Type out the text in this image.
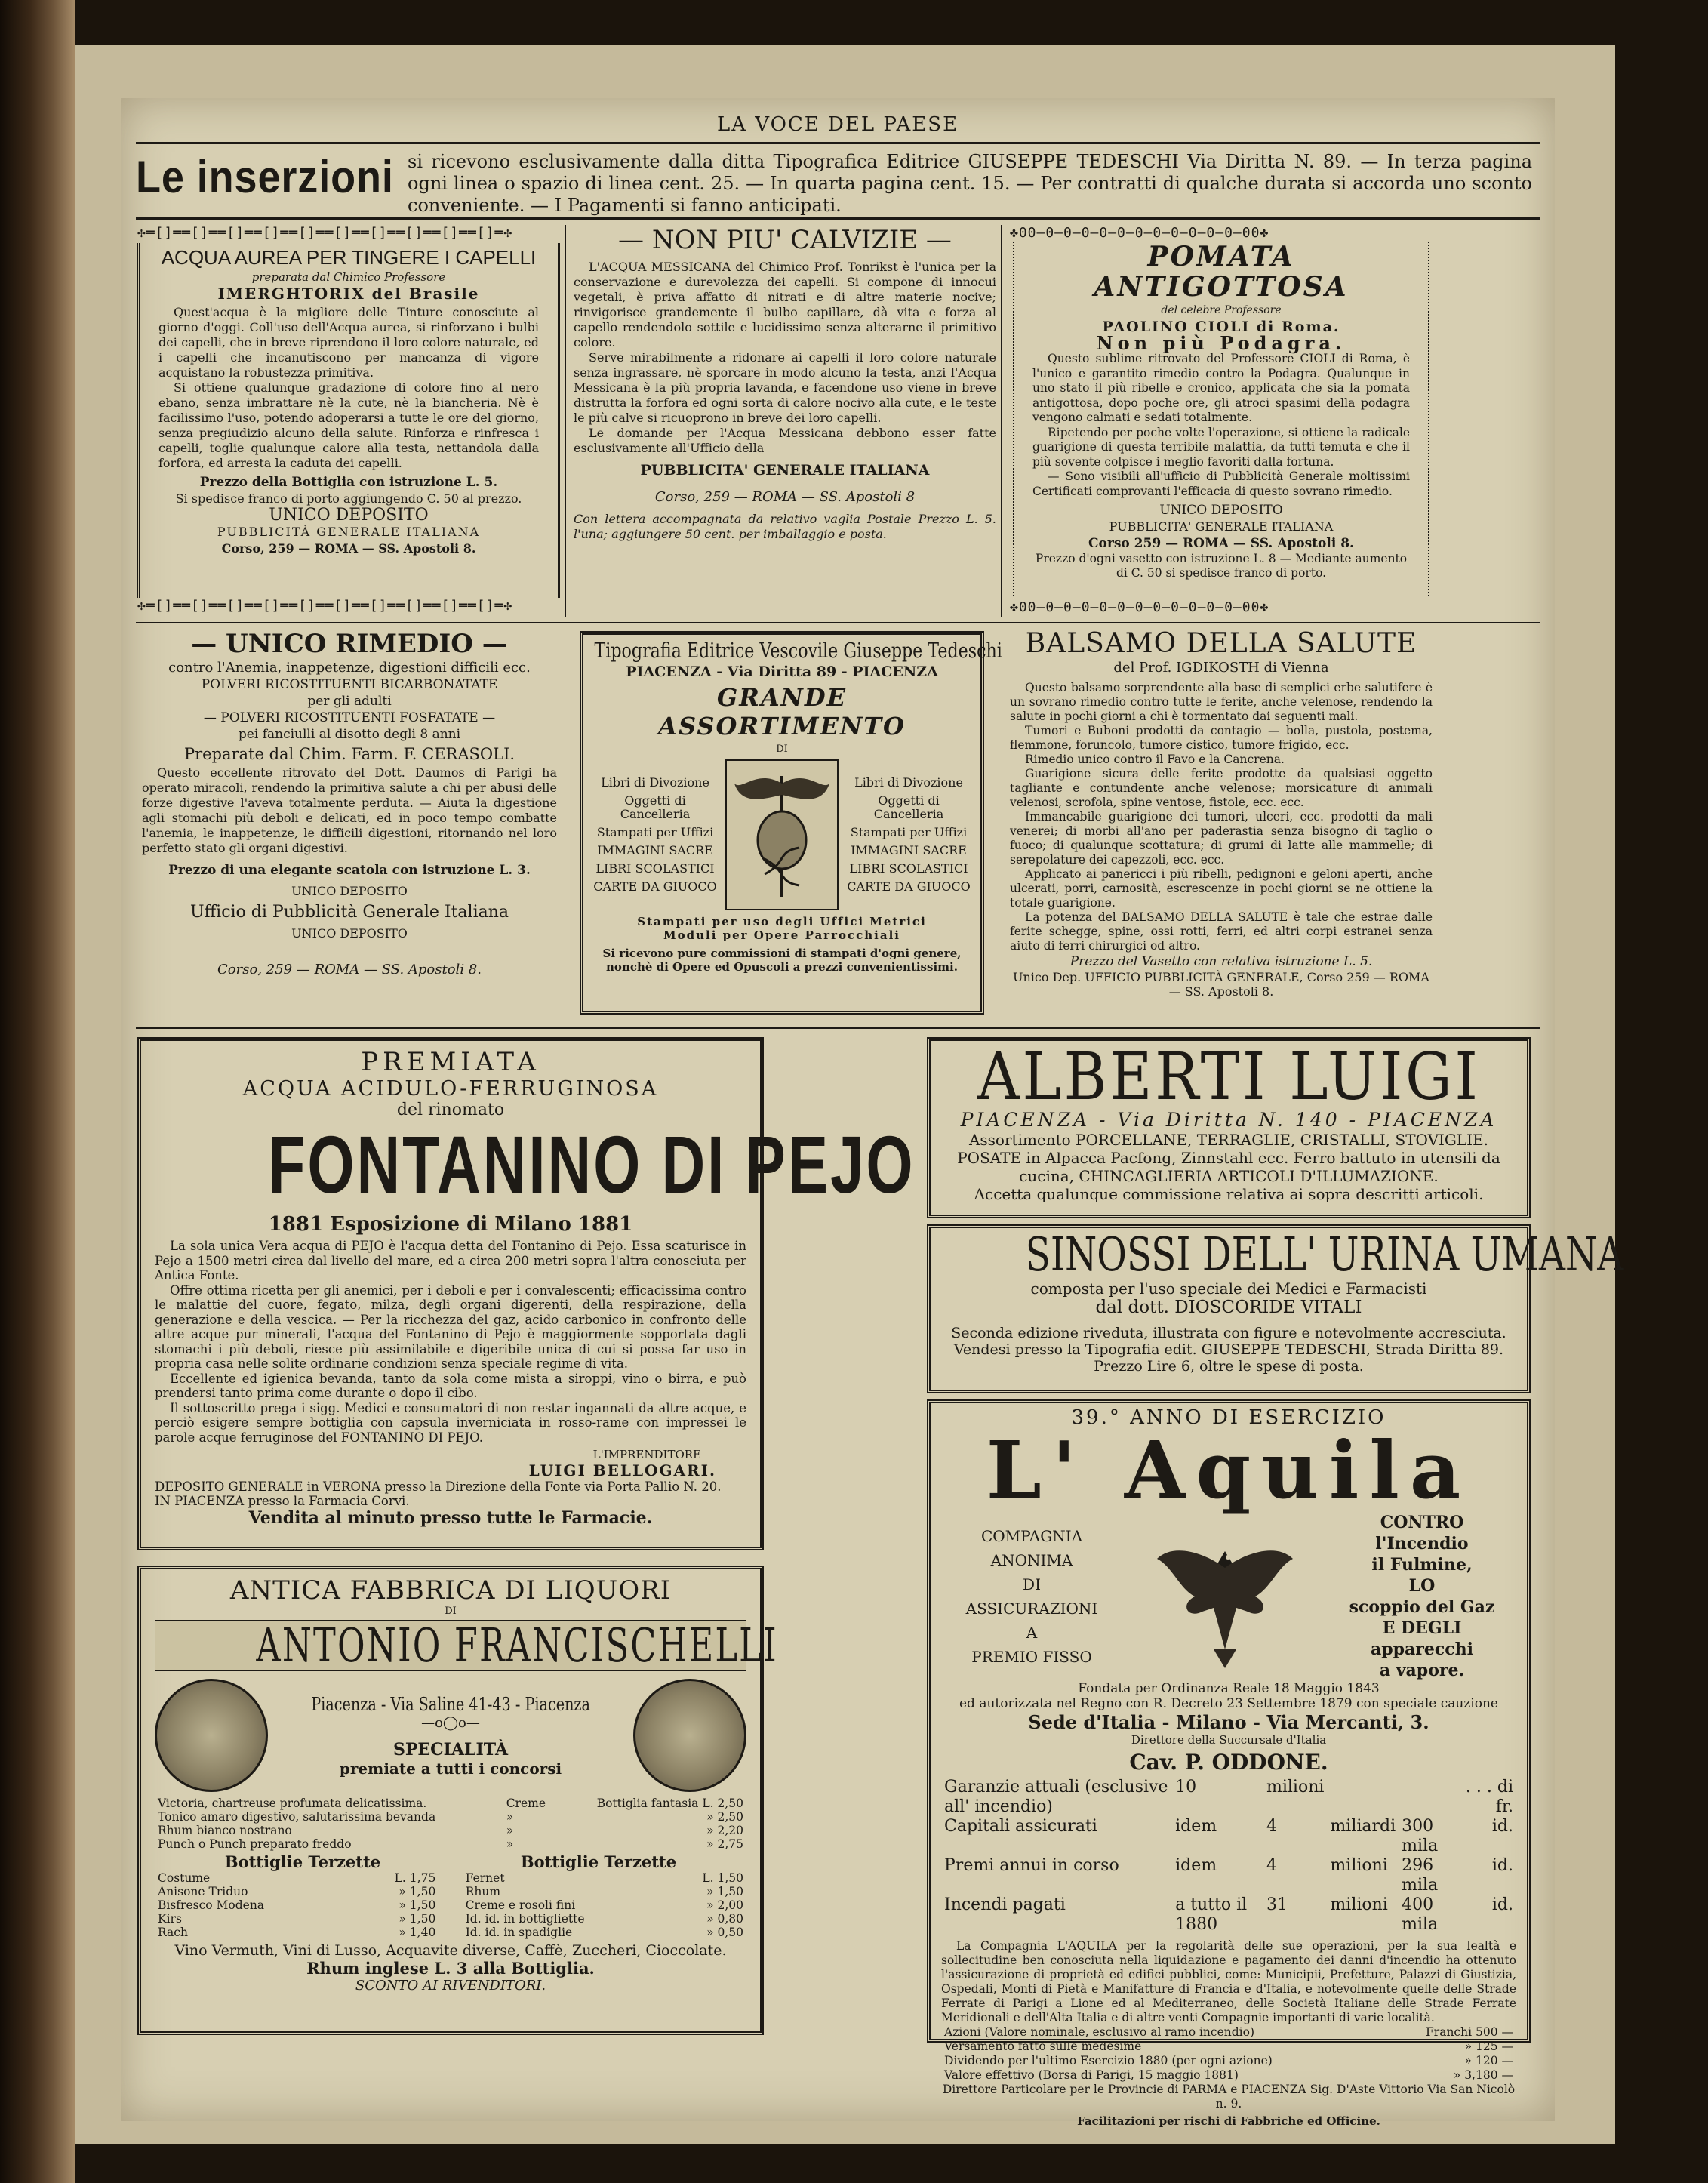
LA VOCE DEL PAESE
Le inserzioni si ricevono esclusivamente dalla ditta Tipografica Editrice GIUSEPPE TEDESCHI Via Diritta N. 89. — In terza pagina ogni linea o spazio di linea cent. 25. — In quarta pagina cent. 15. — Per contratti di qualche durata si accorda uno sconto conveniente. — I Pagamenti si fanno anticipati.
✢═[]══[]══[]══[]══[]══[]══[]══[]══[]══[]═✢
ACQUA AUREA PER TINGERE I CAPELLI
preparata dal Chimico Professore
IMERGHTORIX del Brasile

Quest'acqua è la migliore delle Tinture conosciute al giorno d'oggi. Coll'uso dell'Acqua aurea, si rinforzano i bulbi dei capelli, che in breve riprendono il loro colore naturale, ed i capelli che incanutiscono per mancanza di vigore acquistano la robustezza primitiva.

Si ottiene qualunque gradazione di colore fino al nero ebano, senza imbrattare nè la cute, nè la biancheria. Nè è facilissimo l'uso, potendo adoperarsi a tutte le ore del giorno, senza pregiudizio alcuno della salute. Rinforza e rinfresca i capelli, toglie qualunque calore alla testa, nettandola dalla forfora, ed arresta la caduta dei capelli.

Prezzo della Bottiglia con istruzione L. 5.
Si spedisce franco di porto aggiungendo C. 50 al prezzo.
UNICO DEPOSITO
PUBBLICITÀ GENERALE ITALIANA
Corso, 259 — ROMA — SS. Apostoli 8.
✢═[]══[]══[]══[]══[]══[]══[]══[]══[]══[]═✢
— NON PIU' CALVIZIE —

L'ACQUA MESSICANA del Chimico Prof. Tonrikst è l'unica per la conservazione e durevolezza dei capelli. Si compone di innocui vegetali, è priva affatto di nitrati e di altre materie nocive; rinvigorisce grandemente il bulbo capillare, dà vita e forza al capello rendendolo sottile e lucidissimo senza alterarne il primitivo colore.

Serve mirabilmente a ridonare ai capelli il loro colore naturale senza ingrassare, nè sporcare in modo alcuno la testa, anzi l'Acqua Messicana è la più propria lavanda, e facendone uso viene in breve distrutta la forfora ed ogni sorta di calore nocivo alla cute, e le teste le più calve si ricuoprono in breve dei loro capelli.

Le domande per l'Acqua Messicana debbono esser fatte esclusivamente all'Ufficio della

PUBBLICITA' GENERALE ITALIANA
Corso, 259 — ROMA — SS. Apostoli 8
Con lettera accompagnata da relativo vaglia Postale Prezzo L. 5. l'una; aggiungere 50 cent. per imballaggio e posta.
✤00—0—0—0—0—0—0—0—0—0—0—0—00✤
POMATA ANTIGOTTOSA
del celebre Professore
PAOLINO CIOLI di Roma.
Non più Podagra.

Questo sublime ritrovato del Professore CIOLI di Roma, è l'unico e garantito rimedio contro la Podagra. Qualunque in uno stato il più ribelle e cronico, applicata che sia la pomata antigottosa, dopo poche ore, gli atroci spasimi della podagra vengono calmati e sedati totalmente.

Ripetendo per poche volte l'operazione, si ottiene la radicale guarigione di questa terribile malattia, da tutti temuta e che il più sovente colpisce i meglio favoriti dalla fortuna.

— Sono visibili all'ufficio di Pubblicità Generale moltissimi Certificati comprovanti l'efficacia di questo sovrano rimedio.

UNICO DEPOSITO
PUBBLICITA' GENERALE ITALIANA
Corso 259 — ROMA — SS. Apostoli 8.
Prezzo d'ogni vasetto con istruzione L. 8 — Mediante aumento di C. 50 si spedisce franco di porto.
✤00—0—0—0—0—0—0—0—0—0—0—0—00✤
— UNICO RIMEDIO —
contro l'Anemia, inappetenze, digestioni difficili ecc.
POLVERI RICOSTITUENTI BICARBONATATE
per gli adulti
— POLVERI RICOSTITUENTI FOSFATATE —
pei fanciulli al disotto degli 8 anni
Preparate dal Chim. Farm. F. CERASOLI.

Questo eccellente ritrovato del Dott. Daumos di Parigi ha operato miracoli, rendendo la primitiva salute a chi per abusi delle forze digestive l'aveva totalmente perduta. — Aiuta la digestione agli stomachi più deboli e delicati, ed in poco tempo combatte l'anemia, le inappetenze, le difficili digestioni, ritornando nel loro perfetto stato gli organi digestivi.

Prezzo di una elegante scatola con istruzione L. 3.
UNICO DEPOSITO
Ufficio di Pubblicità Generale Italiana
UNICO DEPOSITO
Corso, 259 — ROMA — SS. Apostoli 8.
Tipografia Editrice Vescovile Giuseppe Tedeschi
PIACENZA - Via Diritta 89 - PIACENZA
GRANDE ASSORTIMENTO
DI
Libri di Divozione
Oggetti di Cancelleria
Stampati per Uffizi
IMMAGINI SACRE
LIBRI SCOLASTICI
CARTE DA GIUOCO
Libri di Divozione
Oggetti di Cancelleria
Stampati per Uffizi
IMMAGINI SACRE
LIBRI SCOLASTICI
CARTE DA GIUOCO
Stampati per uso degli Uffici Metrici
Moduli per Opere Parrocchiali
Si ricevono pure commissioni di stampati d'ogni genere, nonchè di Opere ed Opuscoli a prezzi convenientissimi.
BALSAMO DELLA SALUTE
del Prof. IGDIKOSTH di Vienna

Questo balsamo sorprendente alla base di semplici erbe salutifere è un sovrano rimedio contro tutte le ferite, anche velenose, rendendo la salute in pochi giorni a chi è tormentato dai seguenti mali.

Tumori e Buboni prodotti da contagio — bolla, pustola, postema, flemmone, foruncolo, tumore cistico, tumore frigido, ecc.

Rimedio unico contro il Favo e la Cancrena.

Guarigione sicura delle ferite prodotte da qualsiasi oggetto tagliante e contundente anche velenose; morsicature di animali velenosi, scrofola, spine ventose, fistole, ecc. ecc.

Immancabile guarigione dei tumori, ulceri, ecc. prodotti da mali venerei; di morbi all'ano per paderastia senza bisogno di taglio o fuoco; di qualunque scottatura; di grumi di latte alle mammelle; di serepolature dei capezzoli, ecc. ecc.

Applicato ai panericci i più ribelli, pedignoni e geloni aperti, anche ulcerati, porri, carnosità, escrescenze in pochi giorni se ne ottiene la totale guarigione.

La potenza del BALSAMO DELLA SALUTE è tale che estrae dalle ferite schegge, spine, ossi rotti, ferri, ed altri corpi estranei senza aiuto di ferri chirurgici od altro.

Prezzo del Vasetto con relativa istruzione L. 5.
Unico Dep. UFFICIO PUBBLICITÀ GENERALE, Corso 259 — ROMA — SS. Apostoli 8.
PREMIATA
ACQUA ACIDULO-FERRUGINOSA
del rinomato
FONTANINO DI PEJO
1881 Esposizione di Milano 1881

La sola unica Vera acqua di PEJO è l'acqua detta del Fontanino di Pejo. Essa scaturisce in Pejo a 1500 metri circa dal livello del mare, ed a circa 200 metri sopra l'altra conosciuta per Antica Fonte.

Offre ottima ricetta per gli anemici, per i deboli e per i convalescenti; efficacissima contro le malattie del cuore, fegato, milza, degli organi digerenti, della respirazione, della generazione e della vescica. — Per la ricchezza del gaz, acido carbonico in confronto delle altre acque pur minerali, l'acqua del Fontanino di Pejo è maggiormente sopportata dagli stomachi i più deboli, riesce più assimilabile e digeribile unica di cui si possa far uso in propria casa nelle solite ordinarie condizioni senza speciale regime di vita.

Eccellente ed igienica bevanda, tanto da sola come mista a siroppi, vino o birra, e può prendersi tanto prima come durante o dopo il cibo.

Il sottoscritto prega i sigg. Medici e consumatori di non restar ingannati da altre acque, e perciò esigere sempre bottiglia con capsula inverniciata in rosso-rame con impressei le parole acque ferruginose del FONTANINO DI PEJO.

L'IMPRENDITORE
LUIGI BELLOGARI.
DEPOSITO GENERALE in VERONA presso la Direzione della Fonte via Porta Pallio N. 20.
IN PIACENZA presso la Farmacia Corvi.
Vendita al minuto presso tutte le Farmacie.
ANTICA FABBRICA DI LIQUORI
DI
ANTONIO FRANCISCHELLI
Piacenza - Via Saline 41-43 - Piacenza
—o◯o—
SPECIALITÀ
premiate a tutti i concorsi
Victoria, chartreuse profumata delicatissima.	Creme	Bottiglia fantasia L. 2,50
Tonico amaro digestivo, salutarissima bevanda	»	» 2,50
Rhum bianco nostrano	»	» 2,20
Punch o Punch preparato freddo	»	» 2,75
Bottiglie Terzette	Bottiglie Terzette
Costume	L. 1,75
Anisone Triduo	» 1,50
Bisfresco Modena	» 1,50
Kirs	» 1,50
Rach	» 1,40
Fernet	L. 1,50
Rhum	» 1,50
Creme e rosoli fini	» 2,00
Id. id. in bottigliette	» 0,80
Id. id. in spadiglie	» 0,50
Vino Vermuth, Vini di Lusso, Acquavite diverse, Caffè, Zuccheri, Cioccolate.
Rhum inglese L. 3 alla Bottiglia.
SCONTO AI RIVENDITORI.
ALBERTI LUIGI
PIACENZA - Via Diritta N. 140 - PIACENZA
Assortimento PORCELLANE, TERRAGLIE, CRISTALLI, STOVIGLIE. POSATE in Alpacca Pacfong, Zinnstahl ecc. Ferro battuto in utensili da cucina, CHINCAGLIERIA ARTICOLI D'ILLUMAZIONE.
Accetta qualunque commissione relativa ai sopra descritti articoli.
SINOSSI DELL' URINA UMANA
composta per l'uso speciale dei Medici e Farmacisti
dal dott. DIOSCORIDE VITALI
Seconda edizione riveduta, illustrata con figure e notevolmente accresciuta.
Vendesi presso la Tipografia edit. GIUSEPPE TEDESCHI, Strada Diritta 89.
Prezzo Lire 6, oltre le spese di posta.
39.° ANNO DI ESERCIZIO
L' Aquila
COMPAGNIA ANONIMA
DI
ASSICURAZIONI
A
PREMIO FISSO
CONTRO
l'Incendio
il Fulmine,
LO
scoppio del Gaz
E DEGLI
apparecchi
a vapore.
Fondata per Ordinanza Reale 18 Maggio 1843
ed autorizzata nel Regno con R. Decreto 23 Settembre 1879 con speciale cauzione
Sede d'Italia - Milano - Via Mercanti, 3.
Direttore della Succursale d'Italia
Cav. P. ODDONE.
Garanzie attuali (esclusive all' incendio)	10	milioni			. . . di fr.
Capitali assicurati	idem	4	miliardi	300 mila	id.
Premi annui in corso	idem	4	milioni	296 mila	id.
Incendi pagati	a tutto il 1880	31	milioni	400 mila	id.

La Compagnia L'AQUILA per la regolarità delle sue operazioni, per la sua lealtà e sollecitudine ben conosciuta nella liquidazione e pagamento dei danni d'incendio ha ottenuto l'assicurazione di proprietà ed edifici pubblici, come: Municipii, Prefetture, Palazzi di Giustizia, Ospedali, Monti di Pietà e Manifatture di Francia e d'Italia, e notevolmente quelle delle Strade Ferrate di Parigi a Lione ed al Mediterraneo, delle Società Italiane delle Strade Ferrate Meridionali e dell'Alta Italia e di altre venti Compagnie importanti di varie località.

Azioni (Valore nominale, esclusivo al ramo incendio)	Franchi 500 —
Versamento fatto sulle medesime	» 125 —
Dividendo per l'ultimo Esercizio 1880 (per ogni azione)	» 120 —
Valore effettivo (Borsa di Parigi, 15 maggio 1881)	» 3,180 —
Direttore Particolare per le Provincie di PARMA e PIACENZA Sig. D'Aste Vittorio Via San Nicolò n. 9.
Facilitazioni per rischi di Fabbriche ed Officine.
